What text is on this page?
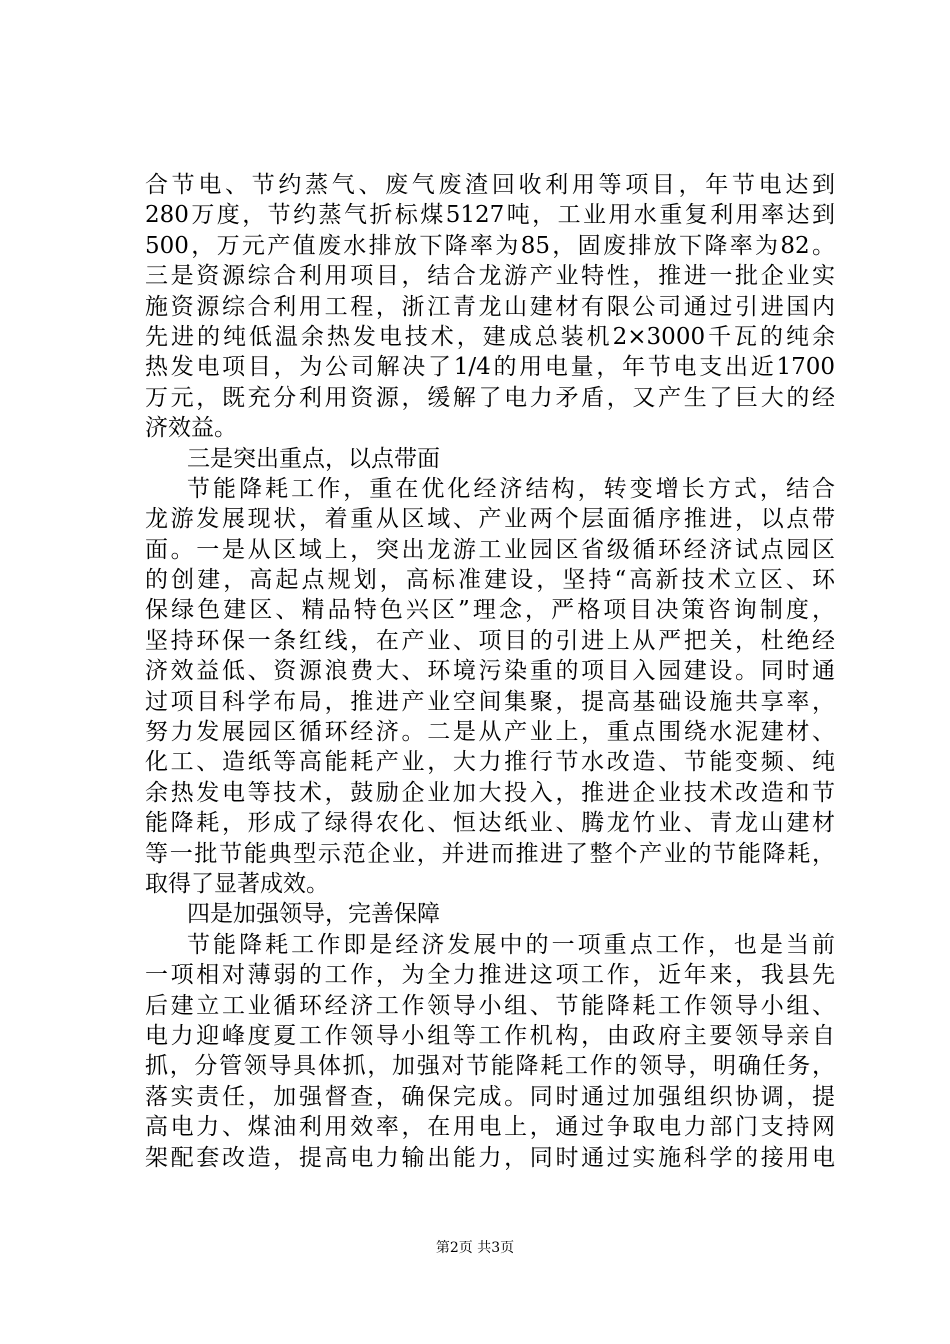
合节电、节约蒸气、废气废渣回收利用等项目，年节电达到
280万度，节约蒸气折标煤5127吨，工业用水重复利用率达到
500，万元产值废水排放下降率为85，固废排放下降率为82。
三是资源综合利用项目，结合龙游产业特性，推进一批企业实
施资源综合利用工程，浙江青龙山建材有限公司通过引进国内
先进的纯低温余热发电技术，建成总装机2×3000千瓦的纯余
热发电项目，为公司解决了1/4的用电量，年节电支出近1700
万元，既充分利用资源，缓解了电力矛盾，又产生了巨大的经
济效益。
三是突出重点，以点带面
节能降耗工作，重在优化经济结构，转变增长方式，结合
龙游发展现状，着重从区域、产业两个层面循序推进，以点带
面。一是从区域上，突出龙游工业园区省级循环经济试点园区
的创建，高起点规划，高标准建设，坚持“高新技术立区、环
保绿色建区、精品特色兴区”理念，严格项目决策咨询制度，
坚持环保一条红线，在产业、项目的引进上从严把关，杜绝经
济效益低、资源浪费大、环境污染重的项目入园建设。同时通
过项目科学布局，推进产业空间集聚，提高基础设施共享率，
努力发展园区循环经济。二是从产业上，重点围绕水泥建材、
化工、造纸等高能耗产业，大力推行节水改造、节能变频、纯
余热发电等技术，鼓励企业加大投入，推进企业技术改造和节
能降耗，形成了绿得农化、恒达纸业、腾龙竹业、青龙山建材
等一批节能典型示范企业，并进而推进了整个产业的节能降耗，
取得了显著成效。
四是加强领导，完善保障
节能降耗工作即是经济发展中的一项重点工作，也是当前
一项相对薄弱的工作，为全力推进这项工作，近年来，我县先
后建立工业循环经济工作领导小组、节能降耗工作领导小组、
电力迎峰度夏工作领导小组等工作机构，由政府主要领导亲自
抓，分管领导具体抓，加强对节能降耗工作的领导，明确任务，
落实责任，加强督查，确保完成。同时通过加强组织协调，提
高电力、煤油利用效率，在用电上，通过争取电力部门支持网
架配套改造，提高电力输出能力，同时通过实施科学的接用电
第2页 共3页
